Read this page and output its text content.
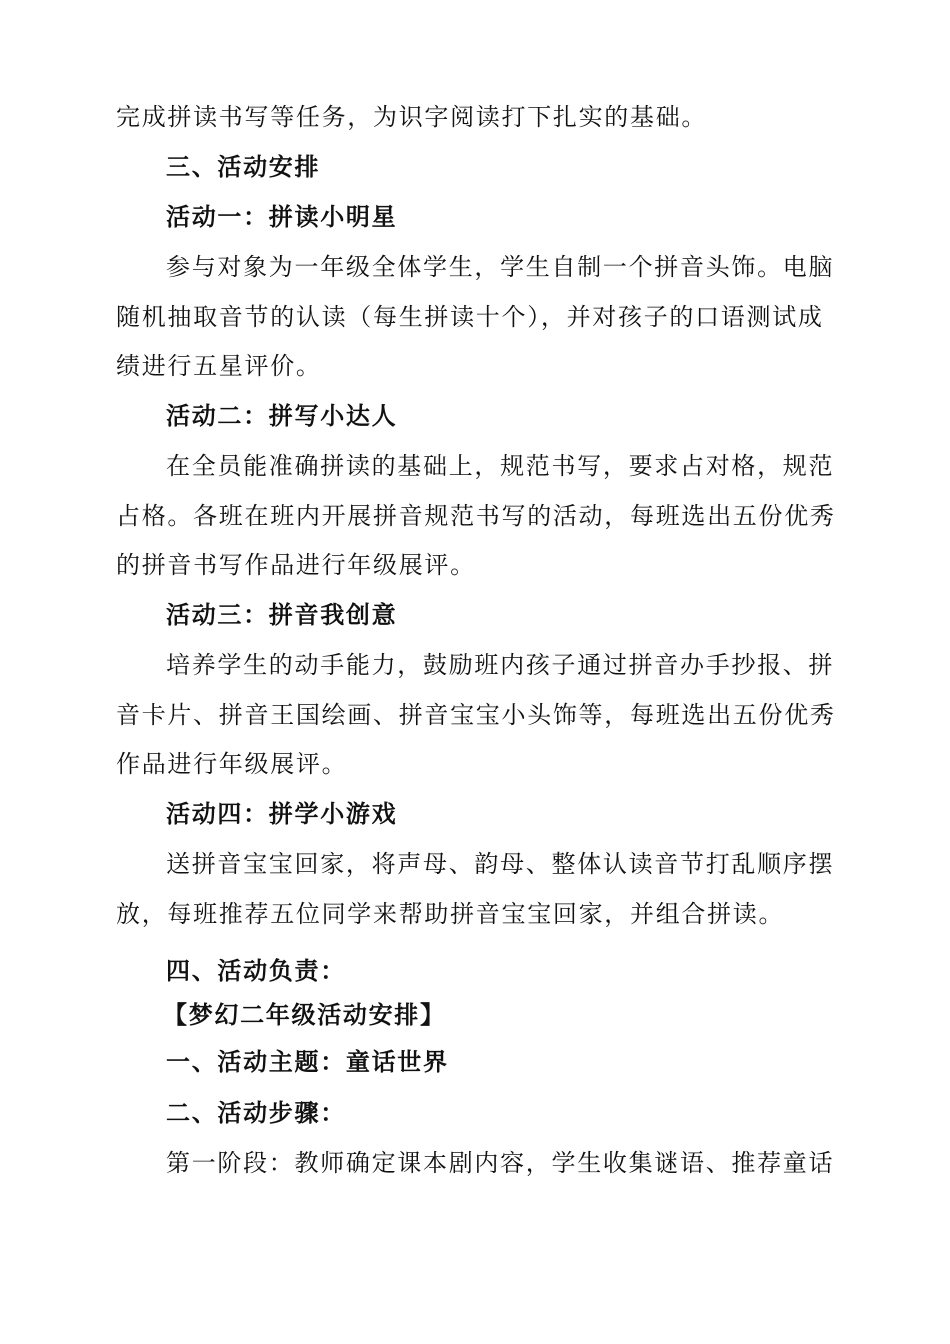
完成拼读书写等任务，为识字阅读打下扎实的基础。
三、活动安排
活动一：拼读小明星
参与对象为一年级全体学生，学生自制一个拼音头饰。电脑
随机抽取音节的认读（每生拼读十个），并对孩子的口语测试成
绩进行五星评价。
活动二：拼写小达人
在全员能准确拼读的基础上，规范书写，要求占对格，规范
占格。各班在班内开展拼音规范书写的活动，每班选出五份优秀
的拼音书写作品进行年级展评。
活动三：拼音我创意
培养学生的动手能力，鼓励班内孩子通过拼音办手抄报、拼
音卡片、拼音王国绘画、拼音宝宝小头饰等，每班选出五份优秀
作品进行年级展评。
活动四：拼学小游戏
送拼音宝宝回家，将声母、韵母、整体认读音节打乱顺序摆
放，每班推荐五位同学来帮助拼音宝宝回家，并组合拼读。
四、活动负责：
【梦幻二年级活动安排】
一、活动主题：童话世界
二、活动步骤：
第一阶段：教师确定课本剧内容，学生收集谜语、推荐童话
